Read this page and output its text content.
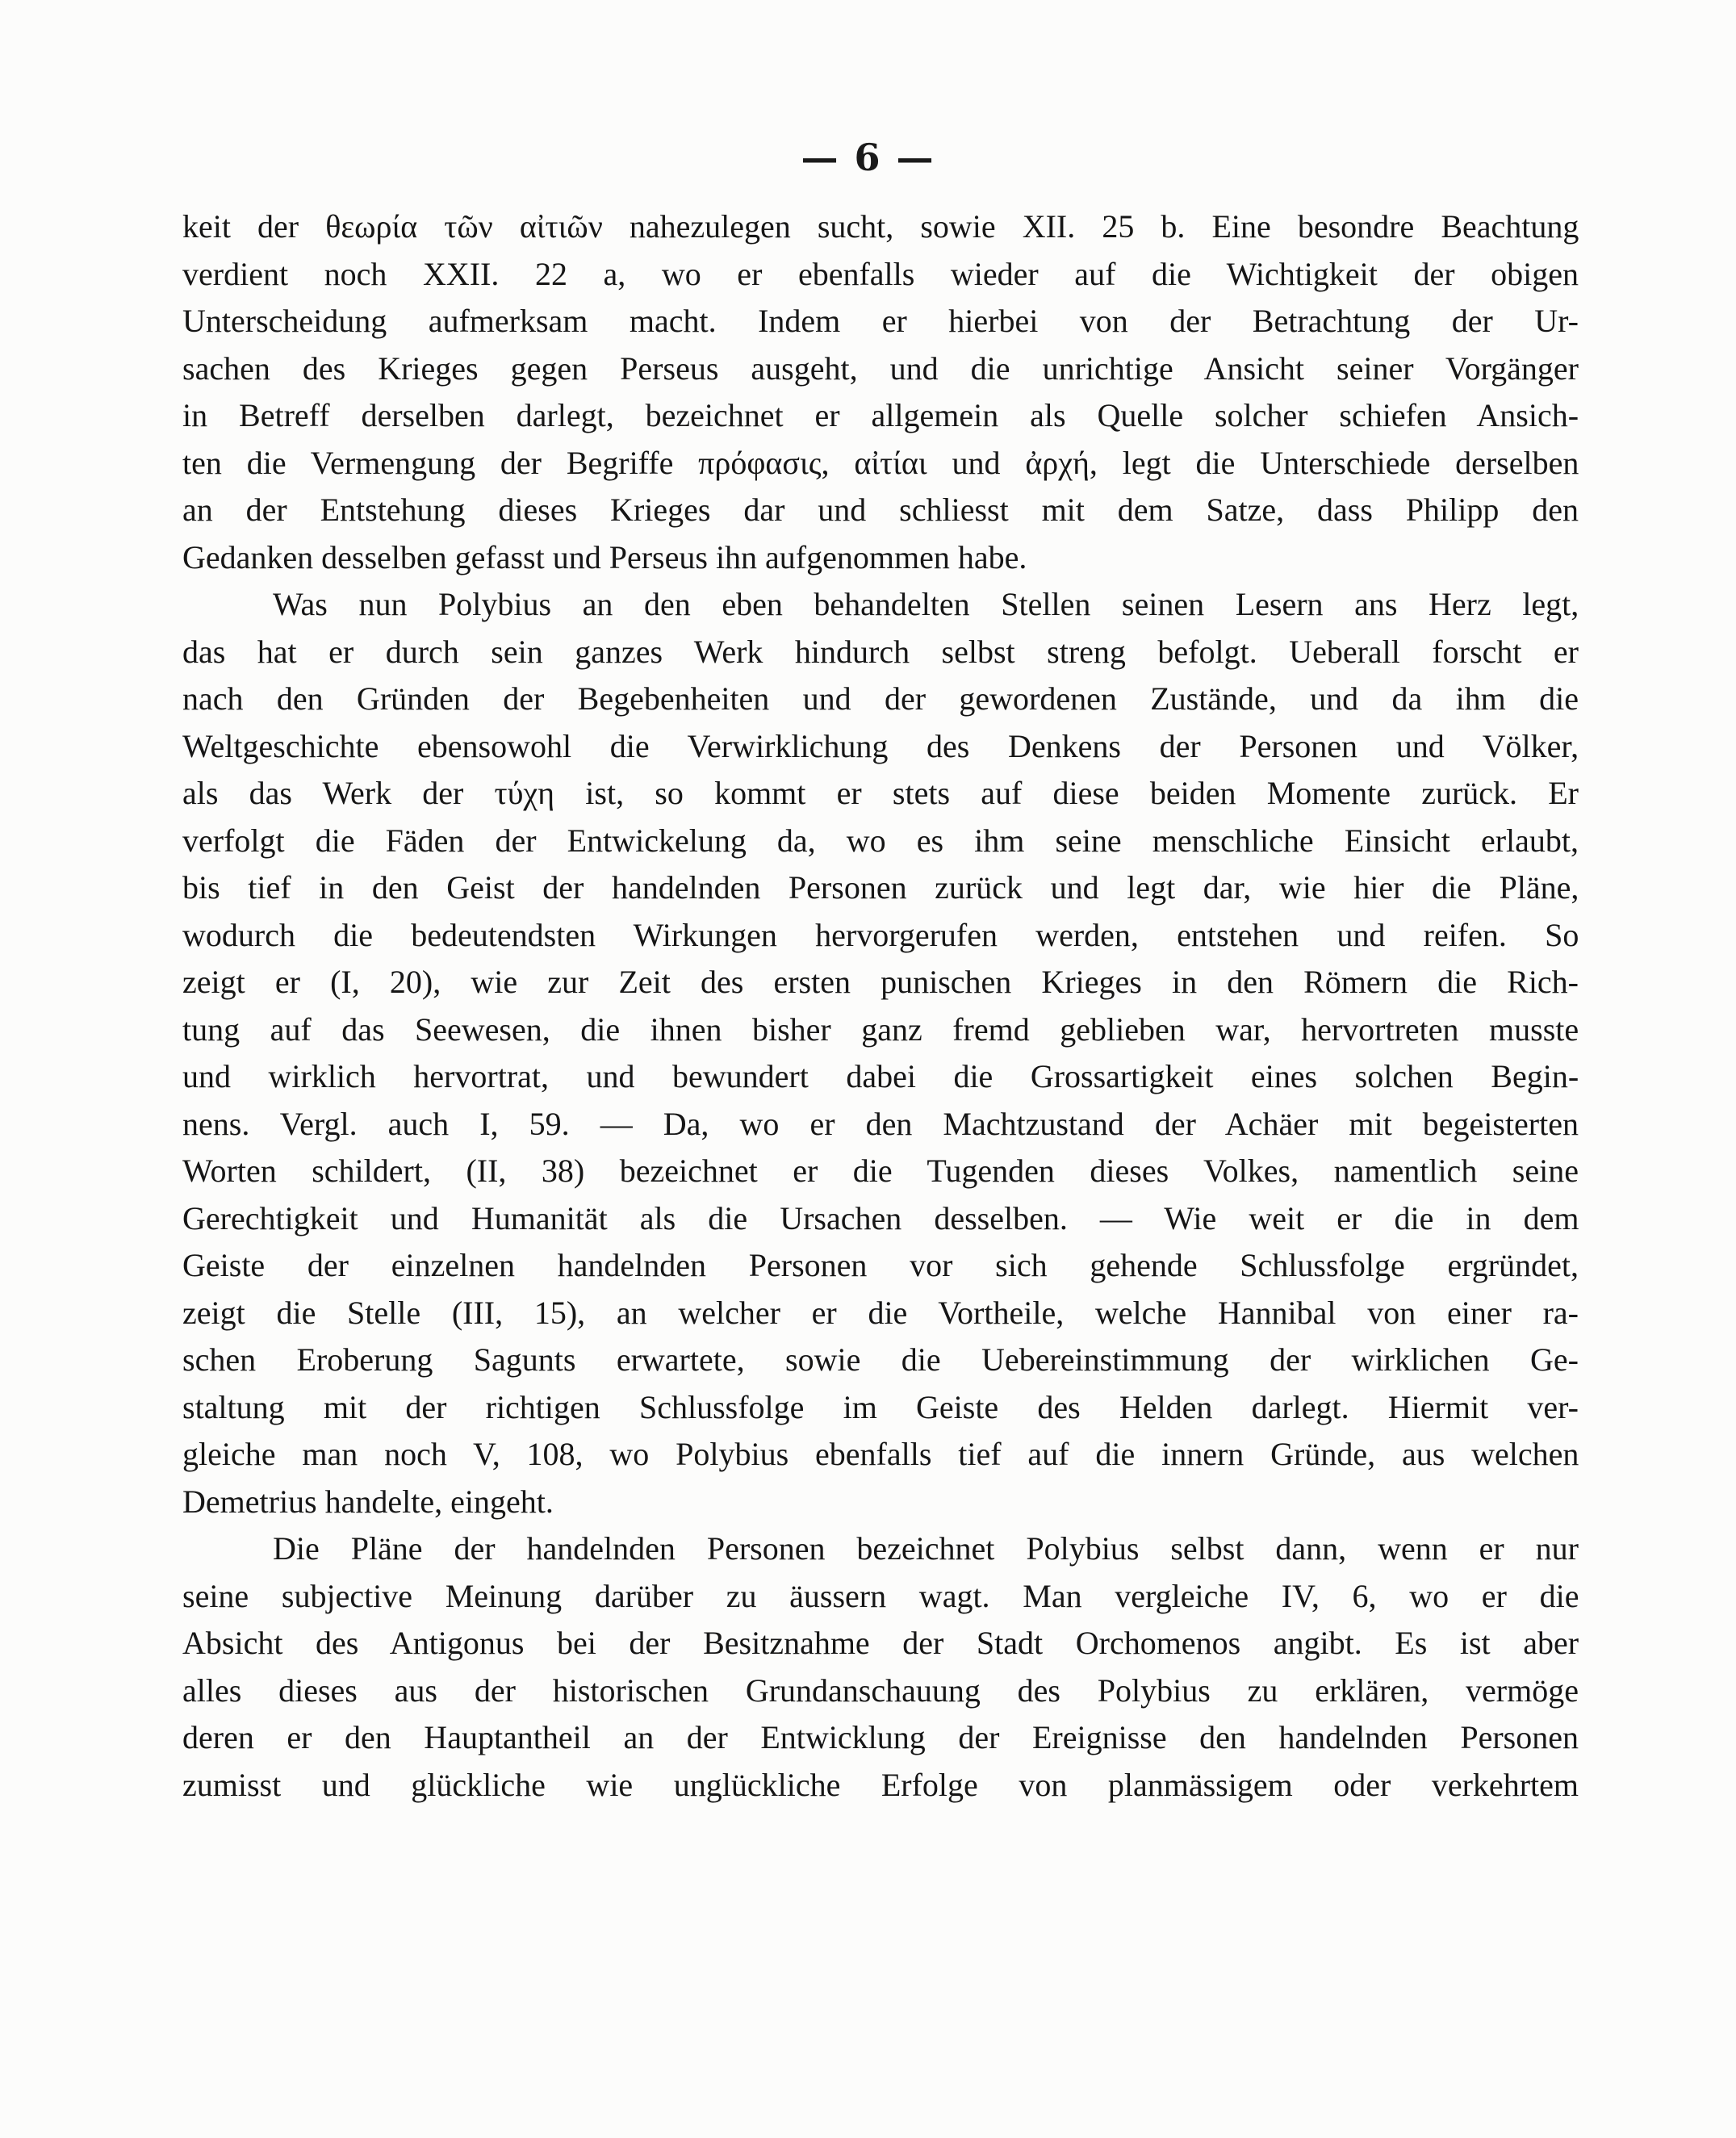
— 6 —
keit der θεωρία τῶν αἰτιῶν nahezulegen sucht, sowie XII. 25 b. Eine besondre Beachtung
verdient noch XXII. 22 a, wo er ebenfalls wieder auf die Wichtigkeit der obigen
Unterscheidung aufmerksam macht. Indem er hierbei von der Betrachtung der Ur-
sachen des Krieges gegen Perseus ausgeht, und die unrichtige Ansicht seiner Vorgänger
in Betreff derselben darlegt, bezeichnet er allgemein als Quelle solcher schiefen Ansich-
ten die Vermengung der Begriffe πρόφασις, αἰτίαι und ἀρχή, legt die Unterschiede derselben
an der Entstehung dieses Krieges dar und schliesst mit dem Satze, dass Philipp den
Gedanken desselben gefasst und Perseus ihn aufgenommen habe.
Was nun Polybius an den eben behandelten Stellen seinen Lesern ans Herz legt,
das hat er durch sein ganzes Werk hindurch selbst streng befolgt. Ueberall forscht er
nach den Gründen der Begebenheiten und der gewordenen Zustände, und da ihm die
Weltgeschichte ebensowohl die Verwirklichung des Denkens der Personen und Völker,
als das Werk der τύχη ist, so kommt er stets auf diese beiden Momente zurück. Er
verfolgt die Fäden der Entwickelung da, wo es ihm seine menschliche Einsicht erlaubt,
bis tief in den Geist der handelnden Personen zurück und legt dar, wie hier die Pläne,
wodurch die bedeutendsten Wirkungen hervorgerufen werden, entstehen und reifen. So
zeigt er (I, 20), wie zur Zeit des ersten punischen Krieges in den Römern die Rich-
tung auf das Seewesen, die ihnen bisher ganz fremd geblieben war, hervortreten musste
und wirklich hervortrat, und bewundert dabei die Grossartigkeit eines solchen Begin-
nens. Vergl. auch I, 59. — Da, wo er den Machtzustand der Achäer mit begeisterten
Worten schildert, (II, 38) bezeichnet er die Tugenden dieses Volkes, namentlich seine
Gerechtigkeit und Humanität als die Ursachen desselben. — Wie weit er die in dem
Geiste der einzelnen handelnden Personen vor sich gehende Schlussfolge ergründet,
zeigt die Stelle (III, 15), an welcher er die Vortheile, welche Hannibal von einer ra-
schen Eroberung Sagunts erwartete, sowie die Uebereinstimmung der wirklichen Ge-
staltung mit der richtigen Schlussfolge im Geiste des Helden darlegt. Hiermit ver-
gleiche man noch V, 108, wo Polybius ebenfalls tief auf die innern Gründe, aus welchen
Demetrius handelte, eingeht.
Die Pläne der handelnden Personen bezeichnet Polybius selbst dann, wenn er nur
seine subjective Meinung darüber zu äussern wagt. Man vergleiche IV, 6, wo er die
Absicht des Antigonus bei der Besitznahme der Stadt Orchomenos angibt. Es ist aber
alles dieses aus der historischen Grundanschauung des Polybius zu erklären, vermöge
deren er den Hauptantheil an der Entwicklung der Ereignisse den handelnden Personen
zumisst und glückliche wie unglückliche Erfolge von planmässigem oder verkehrtem
